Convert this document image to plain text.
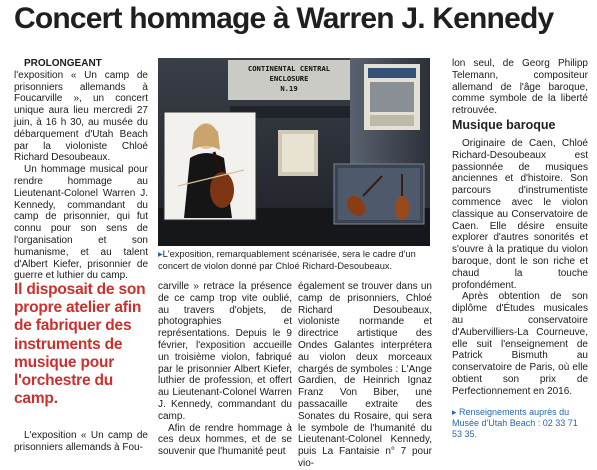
Concert hommage à Warren J. Kennedy

PROLONGEANT l'exposition « Un camp de prisonniers allemands à Foucarville », un concert unique aura lieu mercredi 27 juin, à 16 h 30, au musée du débarquement d'Utah Beach par la violoniste Chloé Richard Desoubeaux.

Un hommage musical pour rendre hommage au Lieutenant-Colonel Warren J. Kennedy, commandant du camp de prisonnier, qui fut connu pour son sens de l'organisation et son humanisme, et au talent d'Albert Kiefer, prisonnier de guerre et luthier du camp.

Il disposait de son propre atelier afin de fabriquer des instruments de musique pour l'orchestre du camp.

L'exposition « Un camp de prisonniers allemands à Fou-

CONTINENTAL CENTRAL
ENCLOSURE
N.19
▸L'exposition, remarquablement scénarisée, sera le cadre d'un concert de violon donné par Chloé Richard-Desoubeaux.

carville » retrace la présence de ce camp trop vite oublié, au travers d'objets, de photographies et représentations. Depuis le 9 février, l'exposition accueille un troisième violon, fabriqué par le prisonnier Albert Kiefer, luthier de profession, et offert au Lieutenant-Colonel Warren J. Kennedy, commandant du camp.

Afin de rendre hommage à ces deux hommes, et de se souvenir que l'humanité peut

également se trouver dans un camp de prisonniers, Chloé Richard Desoubeaux, violoniste normande et directrice artistique des Ondes Galantes interprétera au violon deux morceaux chargés de symboles : L'Ange Gardien, de Heinrich Ignaz Franz Von Biber, une passacaille extraite des Sonates du Rosaire, qui sera le symbole de l'humanité du Lieutenant-Colonel Kennedy, puis La Fantaisie n° 7 pour vio-

lon seul, de Georg Philipp Telemann, compositeur allemand de l'âge baroque, comme symbole de la liberté retrouvée.

Musique baroque

Originaire de Caen, Chloé Richard-Desoubeaux est passionnée de musiques anciennes et d'histoire. Son parcours d'instrumentiste commence avec le violon classique au Conservatoire de Caen. Elle désire ensuite explorer d'autres sonorités et s'ouvre à la pratique du violon baroque, dont le son riche et chaud la touche profondément.

Après obtention de son diplôme d'Études musicales au conservatoire d'Aubervilliers-La Courneuve, elle suit l'enseignement de Patrick Bismuth au conservatoire de Paris, où elle obtient son prix de Perfectionnement en 2016.

▸ Renseignements auprès du Musée d'Utah Beach : 02 33 71 53 35.
